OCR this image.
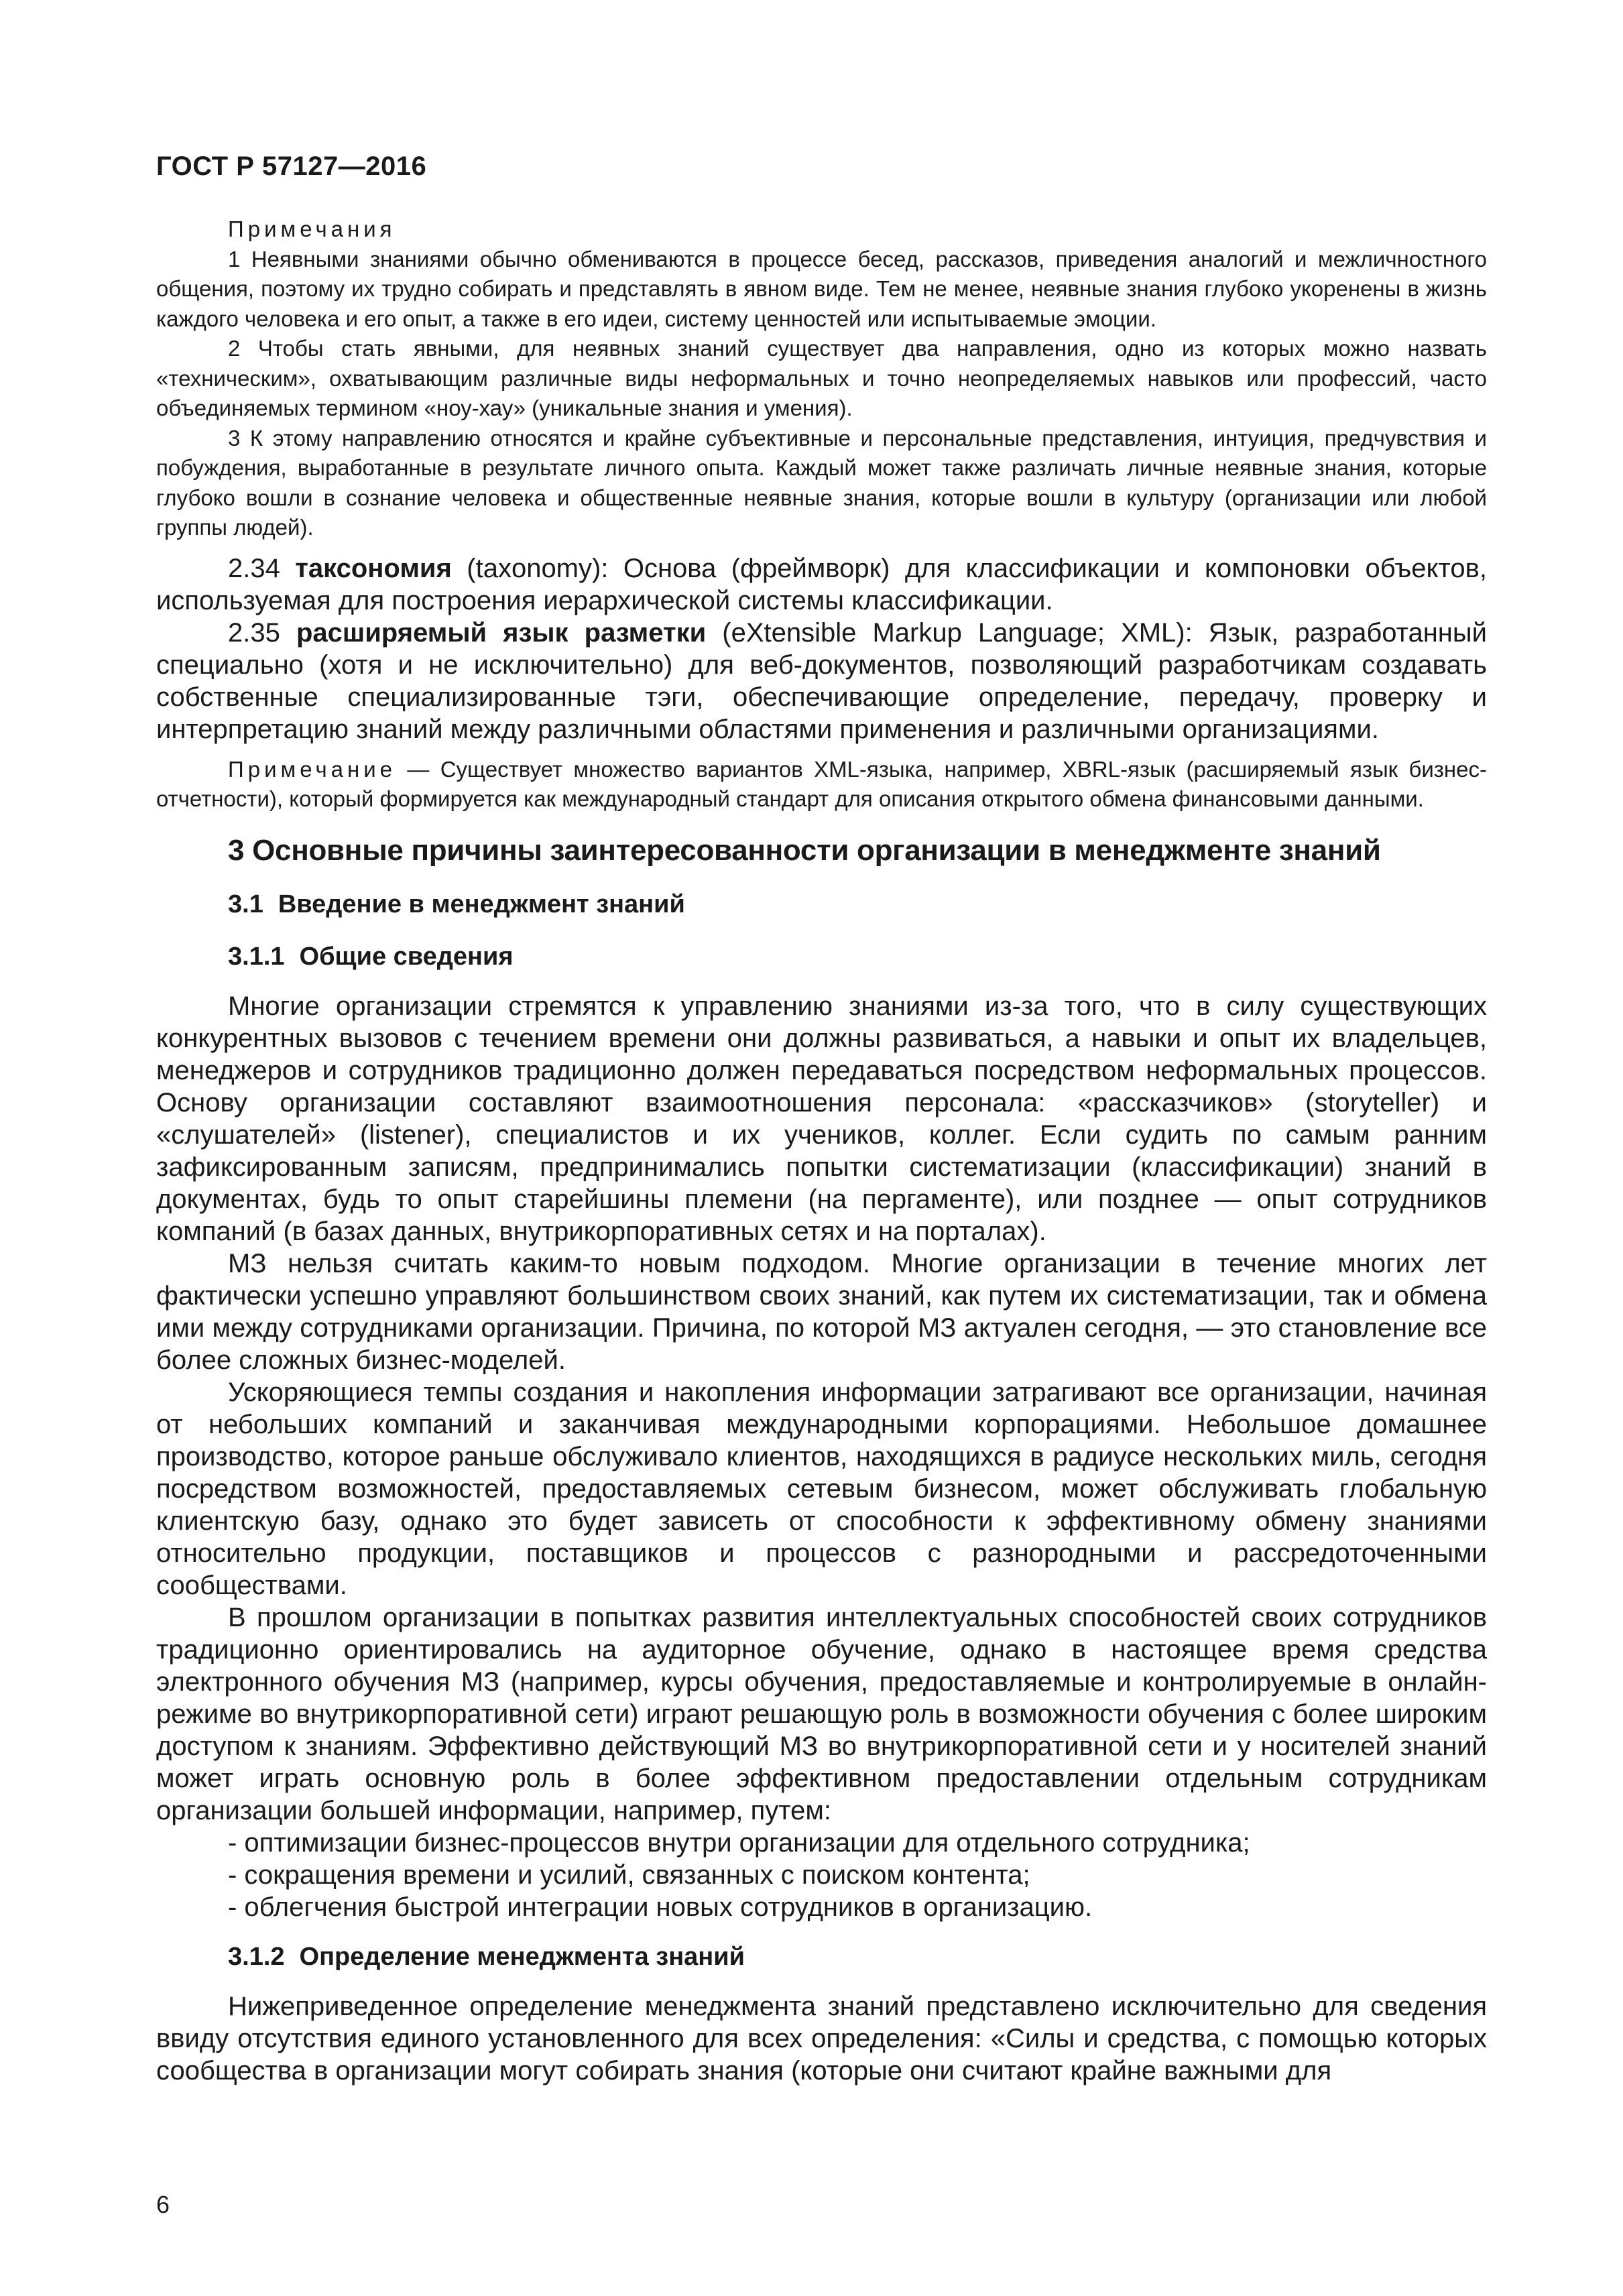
ГОСТ Р 57127—2016
Примечания

1 Неявными знаниями обычно обмениваются в процессе бесед, рассказов, приведения аналогий и межличностного общения, поэтому их трудно собирать и представлять в явном виде. Тем не менее, неявные знания глубоко укоренены в жизнь каждого человека и его опыт, а также в его идеи, систему ценностей или испытываемые эмоции.

2 Чтобы стать явными, для неявных знаний существует два направления, одно из которых можно назвать «техническим», охватывающим различные виды неформальных и точно неопределяемых навыков или профессий, часто объединяемых термином «ноу-хау» (уникальные знания и умения).

3 К этому направлению относятся и крайне субъективные и персональные представления, интуиция, предчувствия и побуждения, выработанные в результате личного опыта. Каждый может также различать личные неявные знания, которые глубоко вошли в сознание человека и общественные неявные знания, которые вошли в культуру (организации или любой группы людей).

2.34 таксономия (taxonomy): Основа (фреймворк) для классификации и компоновки объектов, используемая для построения иерархической системы классификации.

2.35 расширяемый язык разметки (eXtensible Markup Language; XML): Язык, разработанный специально (хотя и не исключительно) для веб-документов, позволяющий разработчикам создавать собственные специализированные тэги, обеспечивающие определение, передачу, проверку и интерпретацию знаний между различными областями применения и различными организациями.

Примечание — Существует множество вариантов XML-языка, например, XBRL-язык (расширяемый язык бизнес-отчетности), который формируется как международный стандарт для описания открытого обмена финансовыми данными.

3 Основные причины заинтересованности организации в менеджменте знаний
3.1 Введение в менеджмент знаний
3.1.1 Общие сведения

Многие организации стремятся к управлению знаниями из-за того, что в силу существующих конкурентных вызовов с течением времени они должны развиваться, а навыки и опыт их владельцев, менеджеров и сотрудников традиционно должен передаваться посредством неформальных процессов. Основу организации составляют взаимоотношения персонала: «рассказчиков» (storyteller) и «слушателей» (listener), специалистов и их учеников, коллег. Если судить по самым ранним зафиксированным записям, предпринимались попытки систематизации (классификации) знаний в документах, будь то опыт старейшины племени (на пергаменте), или позднее — опыт сотрудников компаний (в базах данных, внутрикорпоративных сетях и на порталах).

МЗ нельзя считать каким-то новым подходом. Многие организации в течение многих лет фактически успешно управляют большинством своих знаний, как путем их систематизации, так и обмена ими между сотрудниками организации. Причина, по которой МЗ актуален сегодня, — это становление все более сложных бизнес-моделей.

Ускоряющиеся темпы создания и накопления информации затрагивают все организации, начиная от небольших компаний и заканчивая международными корпорациями. Небольшое домашнее производство, которое раньше обслуживало клиентов, находящихся в радиусе нескольких миль, сегодня посредством возможностей, предоставляемых сетевым бизнесом, может обслуживать глобальную клиентскую базу, однако это будет зависеть от способности к эффективному обмену знаниями относительно продукции, поставщиков и процессов с разнородными и рассредоточенными сообществами.

В прошлом организации в попытках развития интеллектуальных способностей своих сотрудников традиционно ориентировались на аудиторное обучение, однако в настоящее время средства электронного обучения МЗ (например, курсы обучения, предоставляемые и контролируемые в онлайн-режиме во внутрикорпоративной сети) играют решающую роль в возможности обучения с более широким доступом к знаниям. Эффективно действующий МЗ во внутрикорпоративной сети и у носителей знаний может играть основную роль в более эффективном предоставлении отдельным сотрудникам организации большей информации, например, путем:

- оптимизации бизнес-процессов внутри организации для отдельного сотрудника;

- сокращения времени и усилий, связанных с поиском контента;

- облегчения быстрой интеграции новых сотрудников в организацию.

3.1.2 Определение менеджмента знаний

Нижеприведенное определение менеджмента знаний представлено исключительно для сведения ввиду отсутствия единого установленного для всех определения: «Силы и средства, с помощью которых сообщества в организации могут собирать знания (которые они считают крайне важными для

6
